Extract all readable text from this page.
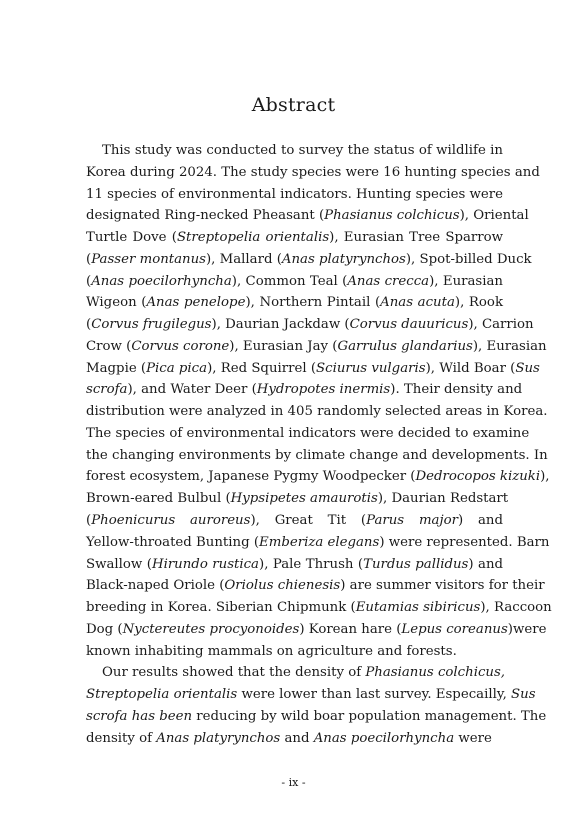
Abstract
This study was conducted to survey the status of wildlife in
Korea during 2024. The study species were 16 hunting species and
11 species of environmental indicators. Hunting species were
designated Ring-necked Pheasant (Phasianus colchicus), Oriental
Turtle Dove (Streptopelia orientalis), Eurasian Tree Sparrow
(Passer montanus), Mallard (Anas platyrynchos), Spot-billed Duck
(Anas poecilorhyncha), Common Teal (Anas crecca), Eurasian
Wigeon (Anas penelope), Northern Pintail (Anas acuta), Rook
(Corvus frugilegus), Daurian Jackdaw (Corvus dauuricus), Carrion
Crow (Corvus corone), Eurasian Jay (Garrulus glandarius), Eurasian
Magpie (Pica pica), Red Squirrel (Sciurus vulgaris), Wild Boar (Sus
scrofa), and Water Deer (Hydropotes inermis). Their density and
distribution were analyzed in 405 randomly selected areas in Korea.
The species of environmental indicators were decided to examine
the changing environments by climate change and developments. In
forest ecosystem, Japanese Pygmy Woodpecker (Dedrocopos kizuki),
Brown-eared Bulbul (Hypsipetes amaurotis), Daurian Redstart
(Phoenicurus auroreus), Great Tit (Parus major) and
Yellow-throated Bunting (Emberiza elegans) were represented. Barn
Swallow (Hirundo rustica), Pale Thrush (Turdus pallidus) and
Black-naped Oriole (Oriolus chienesis) are summer visitors for their
breeding in Korea. Siberian Chipmunk (Eutamias sibiricus), Raccoon
Dog (Nyctereutes procyonoides) Korean hare (Lepus coreanus)were
known inhabiting mammals on agriculture and forests.
Our results showed that the density of Phasianus colchicus,
Streptopelia orientalis were lower than last survey. Especailly, Sus
scrofa has been reducing by wild boar population management. The
density of Anas platyrynchos and Anas poecilorhyncha were
- ix -
